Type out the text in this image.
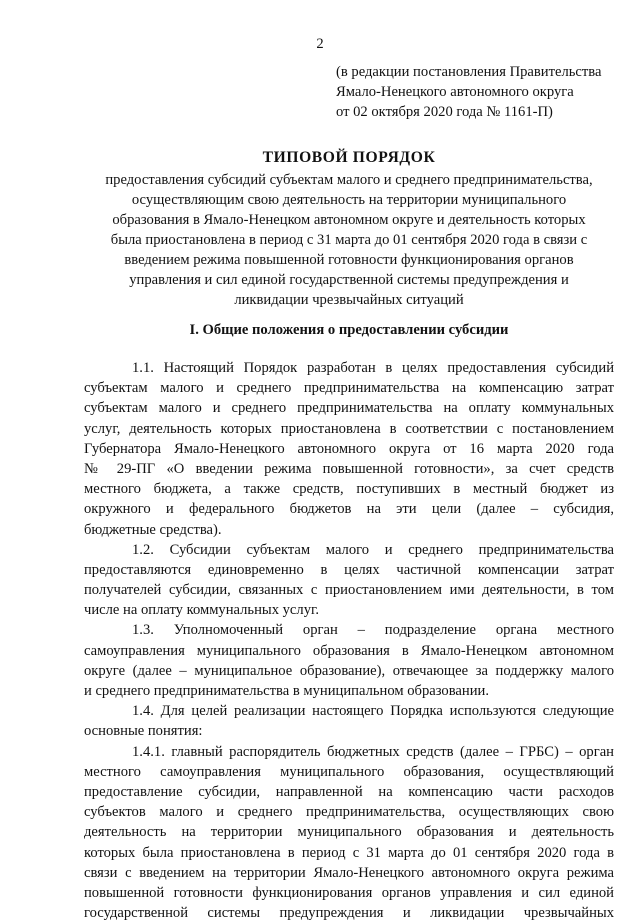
2
(в редакции постановления Правительства
Ямало-Ненецкого автономного округа
от 02 октября 2020 года № 1161-П)
ТИПОВОЙ ПОРЯДОК
предоставления субсидий субъектам малого и среднего предпринимательства,
осуществляющим свою деятельность на территории муниципального
образования в Ямало-Ненецком автономном округе и деятельность которых
была приостановлена в период с 31 марта до 01 сентября 2020 года в связи с
введением режима повышенной готовности функционирования органов
управления и сил единой государственной системы предупреждения и
ликвидации чрезвычайных ситуаций
I. Общие положения о предоставлении субсидии
1.1. Настоящий Порядок разработан в целях предоставления субсидий
субъектам малого и среднего предпринимательства на компенсацию затрат
субъектам малого и среднего предпринимательства на оплату коммунальных
услуг, деятельность которых приостановлена в соответствии с постановлением
Губернатора Ямало-Ненецкого автономного округа от 16 марта 2020 года
№ 29-ПГ «О введении режима повышенной готовности», за счет средств
местного бюджета, а также средств, поступивших в местный бюджет из
окружного и федерального бюджетов на эти цели (далее – субсидия,
бюджетные средства).
1.2. Субсидии субъектам малого и среднего предпринимательства
предоставляются единовременно в целях частичной компенсации затрат
получателей субсидии, связанных с приостановлением ими деятельности, в том
числе на оплату коммунальных услуг.
1.3. Уполномоченный орган – подразделение органа местного
самоуправления муниципального образования в Ямало-Ненецком автономном
округе (далее – муниципальное образование), отвечающее за поддержку малого
и среднего предпринимательства в муниципальном образовании.
1.4. Для целей реализации настоящего Порядка используются следующие
основные понятия:
1.4.1. главный распорядитель бюджетных средств (далее – ГРБС) – орган
местного самоуправления муниципального образования, осуществляющий
предоставление субсидии, направленной на компенсацию части расходов
субъектов малого и среднего предпринимательства, осуществляющих свою
деятельность на территории муниципального образования и деятельность
которых была приостановлена в период с 31 марта до 01 сентября 2020 года в
связи с введением на территории Ямало-Ненецкого автономного округа режима
повышенной готовности функционирования органов управления и сил единой
государственной системы предупреждения и ликвидации чрезвычайных
